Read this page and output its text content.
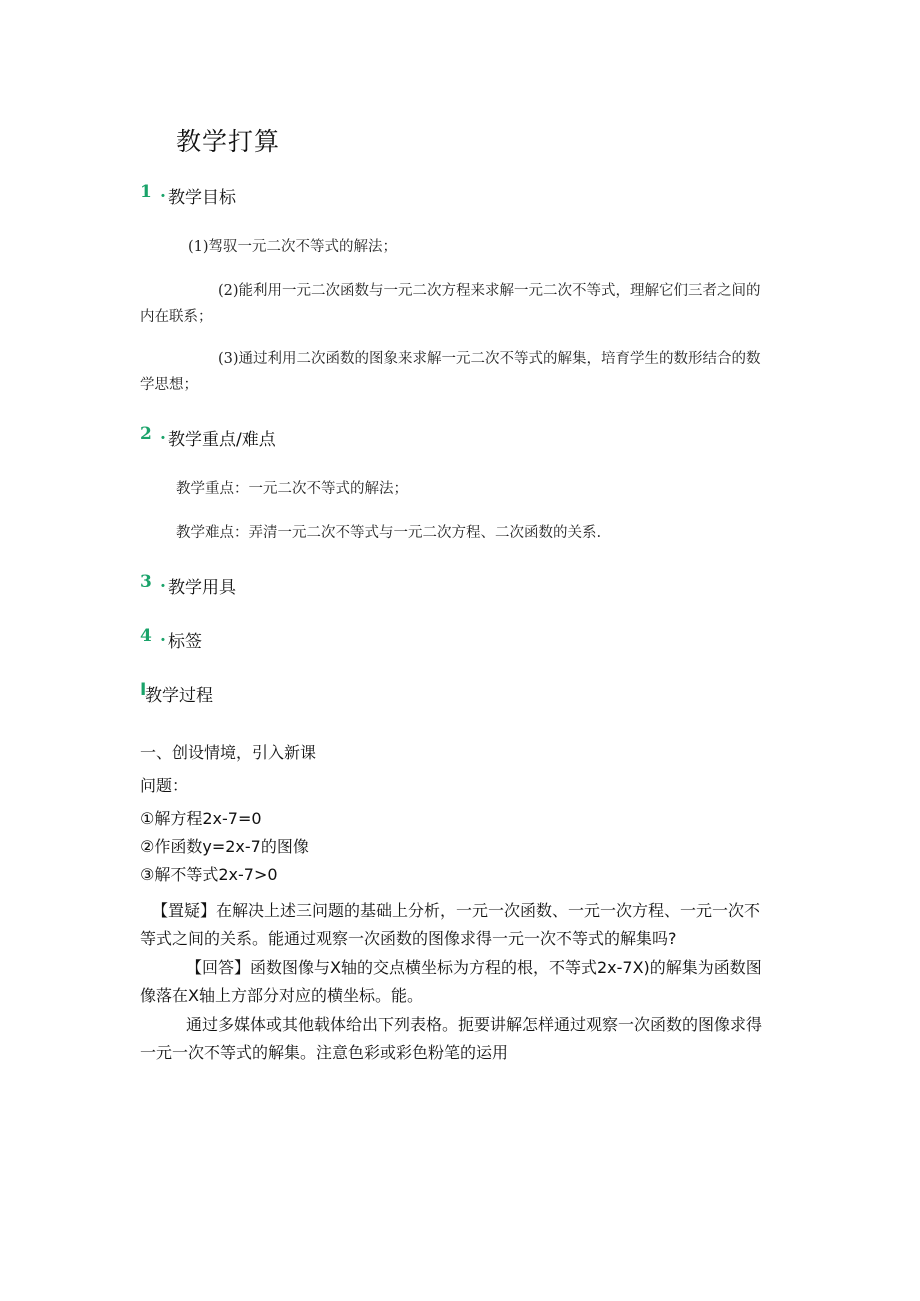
教学打算
1 . 教学目标
(1)驾驭一元二次不等式的解法；
(2)能利用一元二次函数与一元二次方程来求解一元二次不等式，理解它们三者之间的
内在联系；
(3)通过利用二次函数的图象来求解一元二次不等式的解集，培育学生的数形结合的数
学思想；
2 . 教学重点/难点
教学重点：一元二次不等式的解法；
教学难点：弄清一元二次不等式与一元二次方程、二次函数的关系.
3 . 教学用具
4 . 标签
I
教学过程
一、创设情境，引入新课
问题：
①解方程2x-7=0
②作函数y=2x-7的图像
③解不等式2x-7>0
【置疑】在解决上述三问题的基础上分析，一元一次函数、一元一次方程、一元一次不
等式之间的关系。能通过观察一次函数的图像求得一元一次不等式的解集吗?
【回答】函数图像与X轴的交点横坐标为方程的根，不等式2x-7X)的解集为函数图
像落在X轴上方部分对应的横坐标。能。
通过多媒体或其他载体给出下列表格。扼要讲解怎样通过观察一次函数的图像求得
一元一次不等式的解集。注意色彩或彩色粉笔的运用
